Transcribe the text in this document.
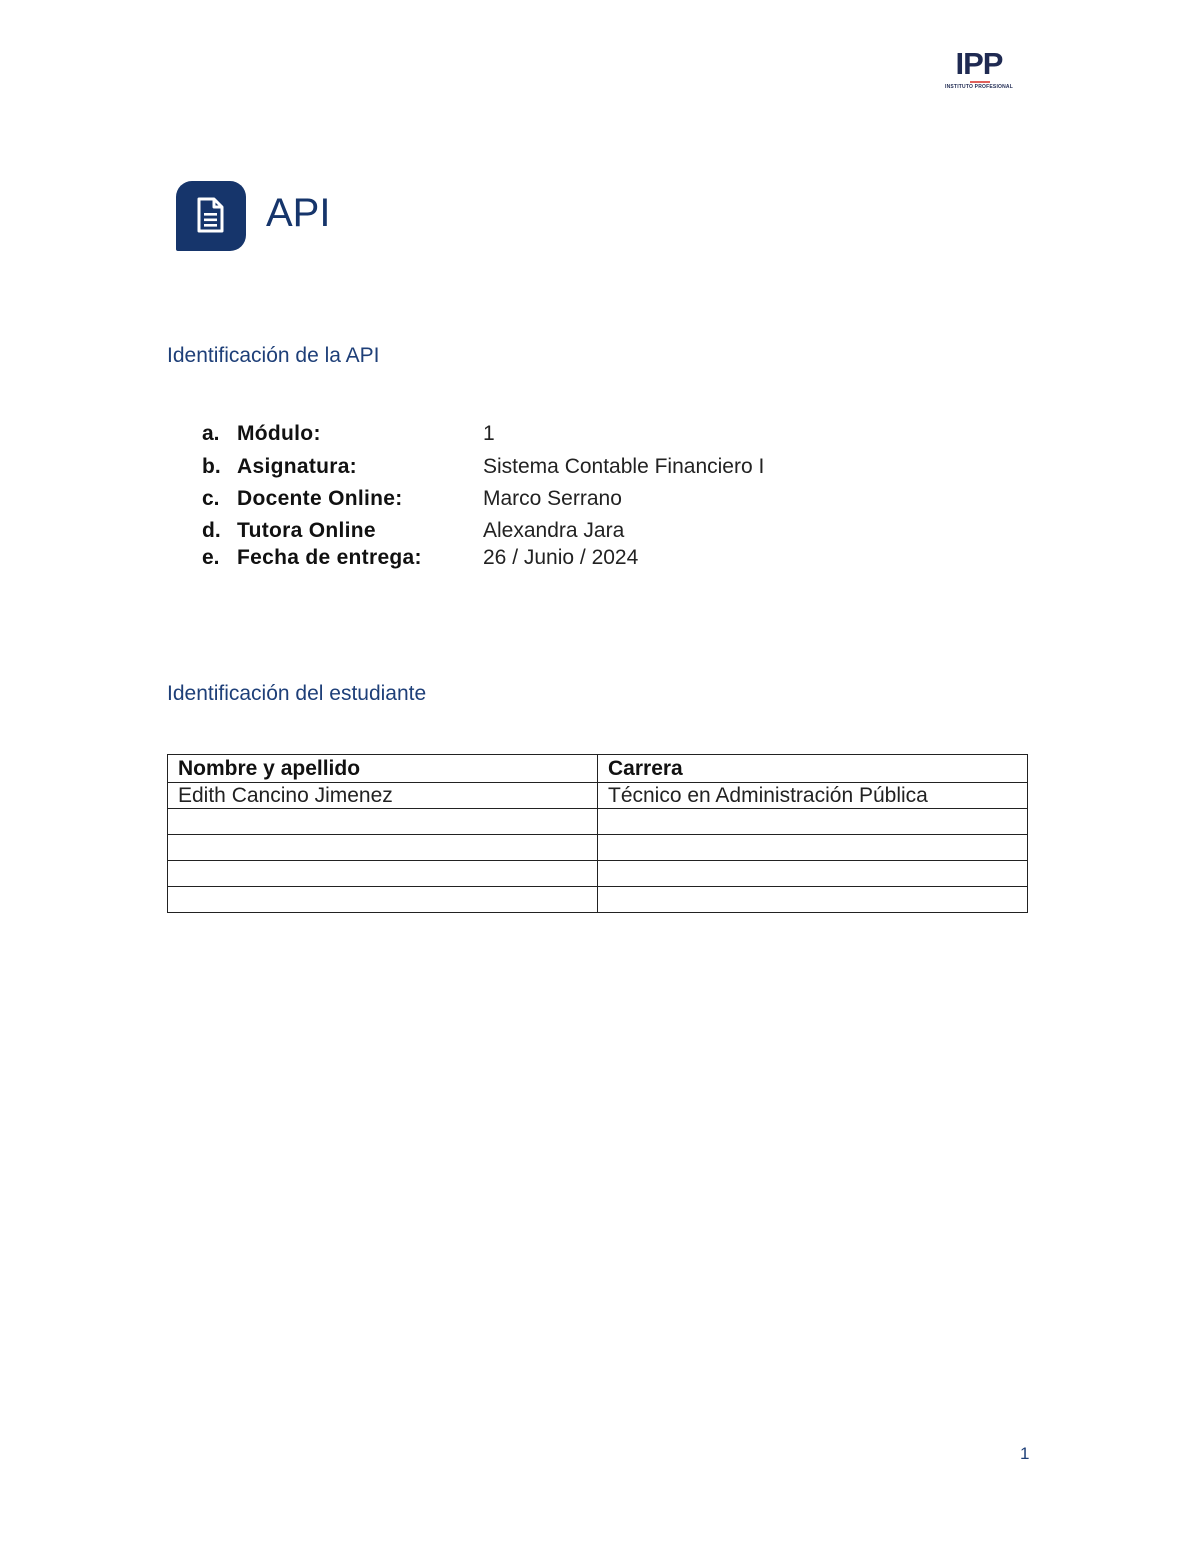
IPP
INSTITUTO PROFESIONAL
API
Identificación de la API
a. Módulo:	1
b. Asignatura:	Sistema Contable Financiero I
c. Docente Online:	Marco Serrano
d. Tutora Online	Alexandra Jara
e. Fecha de entrega:	26 / Junio / 2024
Identificación del estudiante
Nombre y apellido	Carrera
Edith Cancino Jimenez	Técnico en Administración Pública

1
